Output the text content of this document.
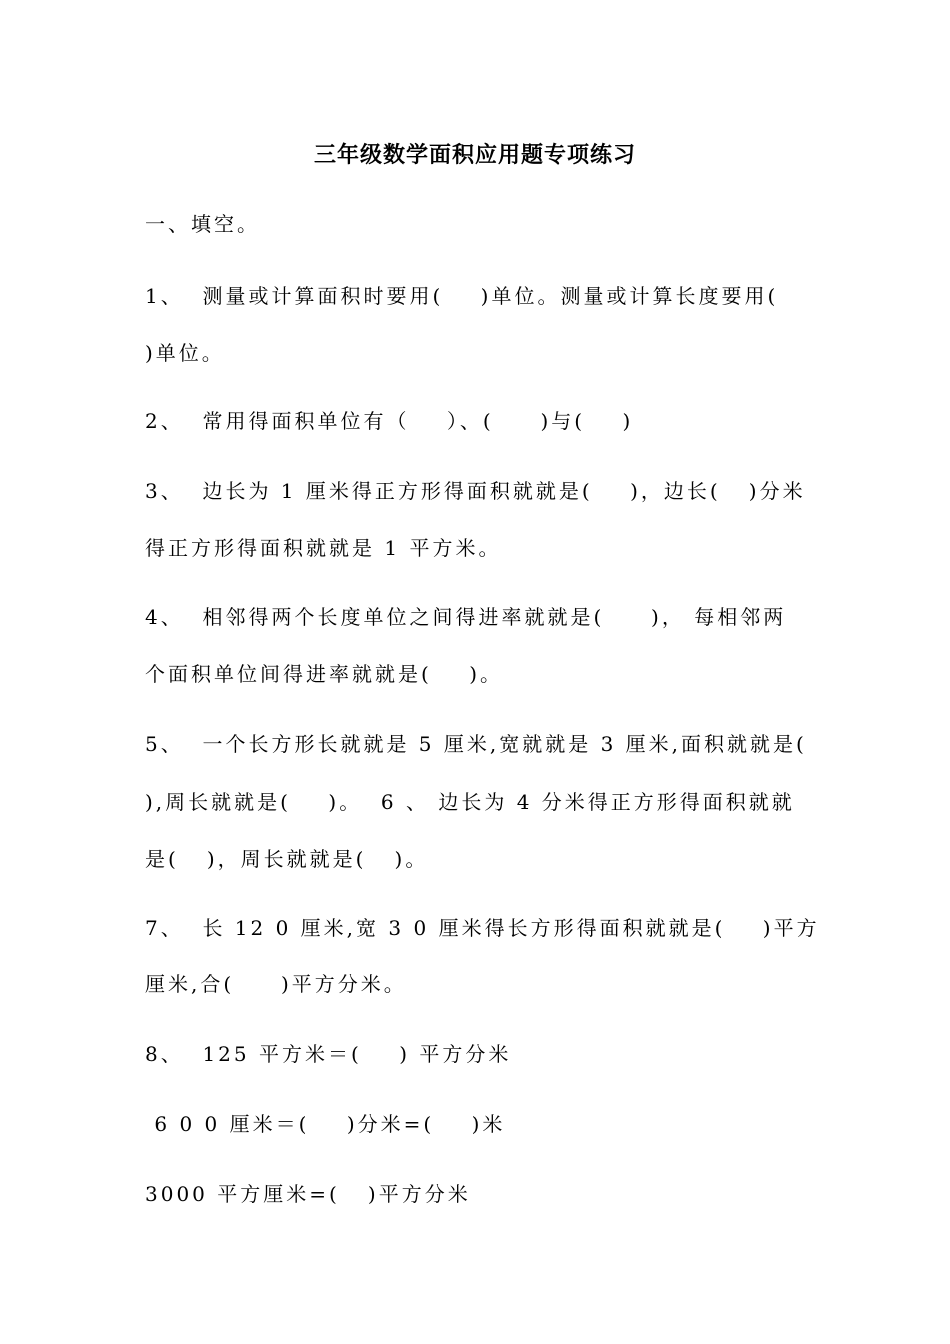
三年级数学面积应用题专项练习
一、填空。
1、  测量或计算面积时要用(    )单位。测量或计算长度要用(
)单位。
2、  常用得面积单位有（    ）、(     )与(    )
3、  边长为 1 厘米得正方形得面积就就是(    )，边长(   )分米
得正方形得面积就就是 1 平方米。
4、  相邻得两个长度单位之间得进率就就是(     )， 每相邻两
个面积单位间得进率就就是(    )。
5、  一个长方形长就就是 5 厘米,宽就就是 3 厘米,面积就就是(
),周长就就是(    )。  6 、 边长为 4 分米得正方形得面积就就
是(   )，周长就就是(   )。
7、  长 12 0 厘米,宽 3 0 厘米得长方形得面积就就是(    )平方
厘米,合(     )平方分米。
8、  125 平方米＝(    ) 平方分米
6 0 0 厘米＝(    )分米=(    )米
3000 平方厘米=(   )平方分米
